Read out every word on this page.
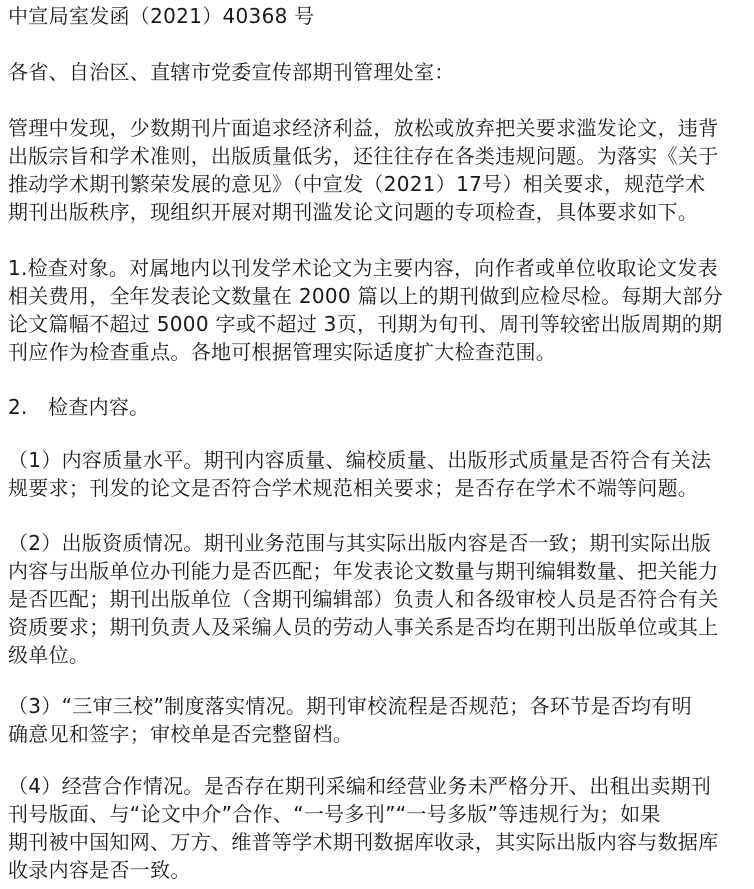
中宣局室发函（2021）40368 号
各省、自治区、直辖市党委宣传部期刊管理处室：
管理中发现，少数期刊片面追求经济利益，放松或放弃把关要求滥发论文，违背
出版宗旨和学术准则，出版质量低劣，还往往存在各类违规问题。为落实《关于
推动学术期刊繁荣发展的意见》（中宣发（2021）17号）相关要求，规范学术
期刊出版秩序，现组织开展对期刊滥发论文问题的专项检查，具体要求如下。
1.检查对象。对属地内以刊发学术论文为主要内容，向作者或单位收取论文发表
相关费用，全年发表论文数量在 2000 篇以上的期刊做到应检尽检。每期大部分
论文篇幅不超过 5000 字或不超过 3页，刊期为旬刊、周刊等较密出版周期的期
刊应作为检查重点。各地可根据管理实际适度扩大检查范围。
2.　检查内容。
（1）内容质量水平。期刊内容质量、编校质量、出版形式质量是否符合有关法
规要求；刊发的论文是否符合学术规范相关要求；是否存在学术不端等问题。
（2）出版资质情况。期刊业务范围与其实际出版内容是否一致；期刊实际出版
内容与出版单位办刊能力是否匹配；年发表论文数量与期刊编辑数量、把关能力
是否匹配；期刊出版单位（含期刊编辑部）负责人和各级审校人员是否符合有关
资质要求；期刊负责人及采编人员的劳动人事关系是否均在期刊出版单位或其上
级单位。
（3）“三审三校”制度落实情况。期刊审校流程是否规范；各环节是否均有明
确意见和签字；审校单是否完整留档。
（4）经营合作情况。是否存在期刊采编和经营业务未严格分开、出租出卖期刊
刊号版面、与“论文中介”合作、“一号多刊”“一号多版”等违规行为；如果
期刊被中国知网、万方、维普等学术期刊数据库收录，其实际出版内容与数据库
收录内容是否一致。
